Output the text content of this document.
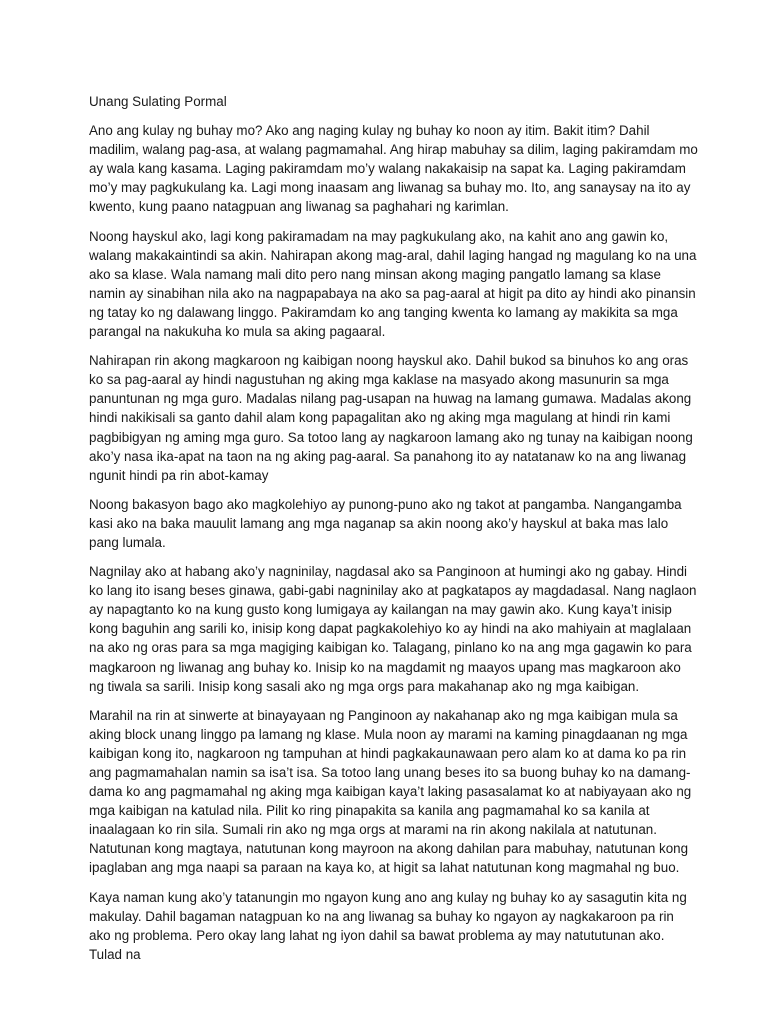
Unang Sulating Pormal

Ano ang kulay ng buhay mo? Ako ang naging kulay ng buhay ko noon ay itim. Bakit itim? Dahil madilim, walang pag-asa, at walang pagmamahal. Ang hirap mabuhay sa dilim, laging pakiramdam mo ay wala kang kasama. Laging pakiramdam mo’y walang nakakaisip na sapat ka. Laging pakiramdam mo’y may pagkukulang ka. Lagi mong inaasam ang liwanag sa buhay mo. Ito, ang sanaysay na ito ay kwento, kung paano natagpuan ang liwanag sa paghahari ng karimlan.

Noong hayskul ako, lagi kong pakiramadam na may pagkukulang ako, na kahit ano ang gawin ko, walang makakaintindi sa akin. Nahirapan akong mag-aral, dahil laging hangad ng magulang ko na una ako sa klase. Wala namang mali dito pero nang minsan akong maging pangatlo lamang sa klase namin ay sinabihan nila ako na nagpapabaya na ako sa pag-aaral at higit pa dito ay hindi ako pinansin ng tatay ko ng dalawang linggo. Pakiramdam ko ang tanging kwenta ko lamang ay makikita sa mga parangal na nakukuha ko mula sa aking pagaaral.

Nahirapan rin akong magkaroon ng kaibigan noong hayskul ako. Dahil bukod sa binuhos ko ang oras ko sa pag-aaral ay hindi nagustuhan ng aking mga kaklase na masyado akong masunurin sa mga panuntunan ng mga guro. Madalas nilang pag-usapan na huwag na lamang gumawa. Madalas akong hindi nakikisali sa ganto dahil alam kong papagalitan ako ng aking mga magulang at hindi rin kami pagbibigyan ng aming mga guro. Sa totoo lang ay nagkaroon lamang ako ng tunay na kaibigan noong ako’y nasa ika-apat na taon na ng aking pag-aaral. Sa panahong ito ay natatanaw ko na ang liwanag ngunit hindi pa rin abot-kamay

Noong bakasyon bago ako magkolehiyo ay punong-puno ako ng takot at pangamba. Nangangamba kasi ako na baka mauulit lamang ang mga naganap sa akin noong ako’y hayskul at baka mas lalo pang lumala.

Nagnilay ako at habang ako’y nagninilay, nagdasal ako sa Panginoon at humingi ako ng gabay. Hindi ko lang ito isang beses ginawa, gabi-gabi nagninilay ako at pagkatapos ay magdadasal. Nang naglaon ay napagtanto ko na kung gusto kong lumigaya ay kailangan na may gawin ako. Kung kaya’t inisip kong baguhin ang sarili ko, inisip kong dapat pagkakolehiyo ko ay hindi na ako mahiyain at maglalaan na ako ng oras para sa mga magiging kaibigan ko. Talagang, pinlano ko na ang mga gagawin ko para magkaroon ng liwanag ang buhay ko. Inisip ko na magdamit ng maayos upang mas magkaroon ako ng tiwala sa sarili. Inisip kong sasali ako ng mga orgs para makahanap ako ng mga kaibigan.

Marahil na rin at sinwerte at binayayaan ng Panginoon ay nakahanap ako ng mga kaibigan mula sa aking block unang linggo pa lamang ng klase. Mula noon ay marami na kaming pinagdaanan ng mga kaibigan kong ito, nagkaroon ng tampuhan at hindi pagkakaunawaan pero alam ko at dama ko pa rin ang pagmamahalan namin sa isa’t isa. Sa totoo lang unang beses ito sa buong buhay ko na damang-dama ko ang pagmamahal ng aking mga kaibigan kaya’t laking pasasalamat ko at nabiyayaan ako ng mga kaibigan na katulad nila. Pilit ko ring pinapakita sa kanila ang pagmamahal ko sa kanila at inaalagaan ko rin sila. Sumali rin ako ng mga orgs at marami na rin akong nakilala at natutunan. Natutunan kong magtaya, natutunan kong mayroon na akong dahilan para mabuhay, natutunan kong ipaglaban ang mga naapi sa paraan na kaya ko, at higit sa lahat natutunan kong magmahal ng buo.

Kaya naman kung ako’y tatanungin mo ngayon kung ano ang kulay ng buhay ko ay sasagutin kita ng makulay. Dahil bagaman natagpuan ko na ang liwanag sa buhay ko ngayon ay nagkakaroon pa rin ako ng problema. Pero okay lang lahat ng iyon dahil sa bawat problema ay may natututunan ako. Tulad na
